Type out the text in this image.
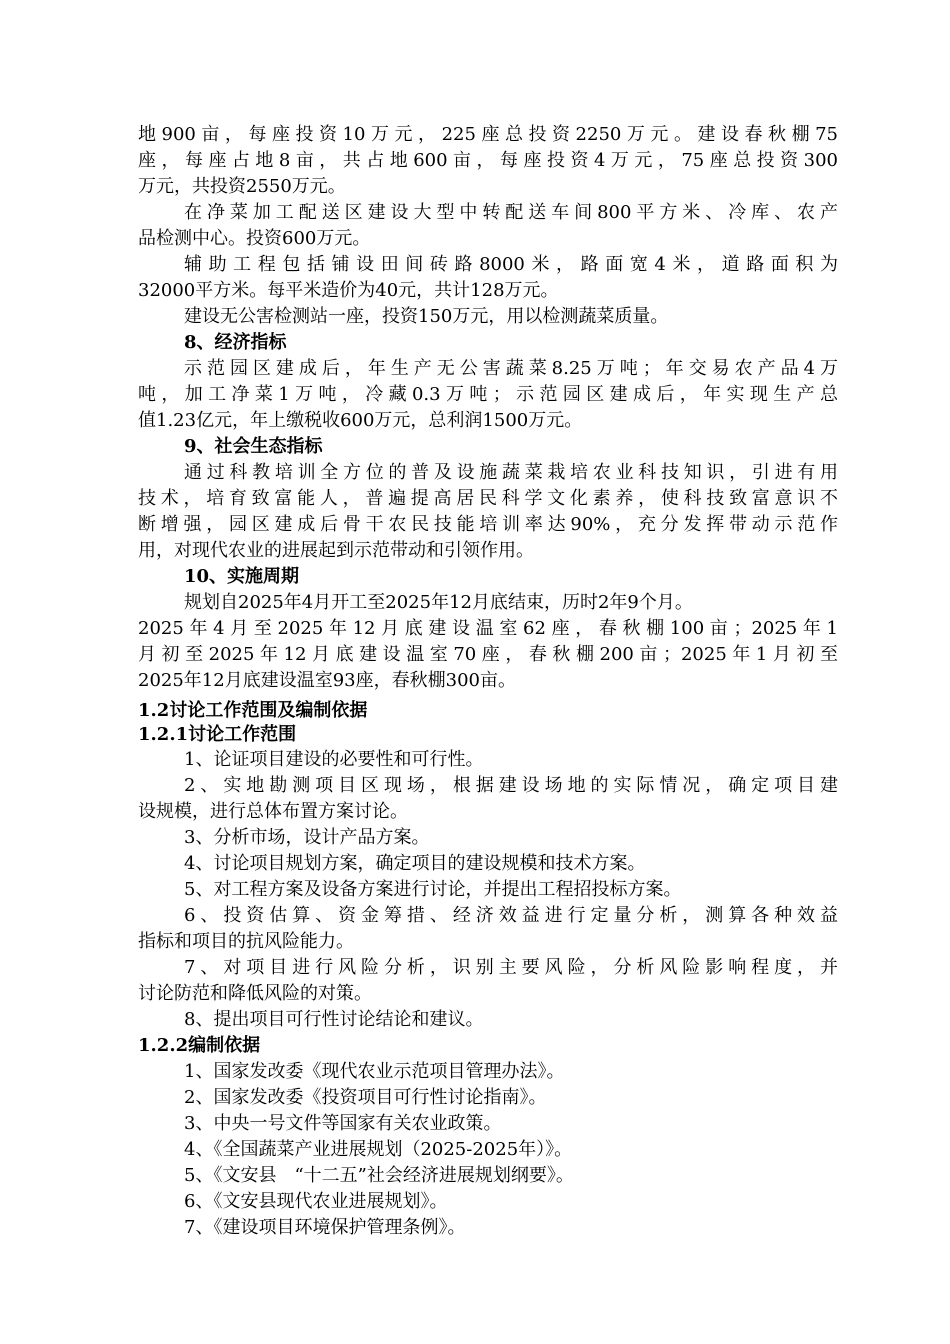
地900亩，每座投资10万元，225座总投资2250万元。建设春秋棚75
座，每座占地8亩，共占地600亩，每座投资4万元，75座总投资300
万元，共投资2550万元。
在净菜加工配送区建设大型中转配送车间800平方米、冷库、农产
品检测中心。投资600万元。
辅助工程包括铺设田间砖路8000米，路面宽4米，道路面积为
32000平方米。每平米造价为40元，共计128万元。
建设无公害检测站一座，投资150万元，用以检测蔬菜质量。
8、经济指标
示范园区建成后，年生产无公害蔬菜8.25万吨；年交易农产品4万
吨，加工净菜1万吨，冷藏0.3万吨；示范园区建成后，年实现生产总
值1.23亿元，年上缴税收600万元，总利润1500万元。
9、社会生态指标
通过科教培训全方位的普及设施蔬菜栽培农业科技知识，引进有用
技术，培育致富能人，普遍提高居民科学文化素养，使科技致富意识不
断增强，园区建成后骨干农民技能培训率达90%，充分发挥带动示范作
用，对现代农业的进展起到示范带动和引领作用。
10、实施周期
规划自2025年4月开工至2025年12月底结束，历时2年9个月。
2025年4月至2025年12月底建设温室62座，春秋棚100亩；2025年1
月初至2025年12月底建设温室70座，春秋棚200亩；2025年1月初至
2025年12月底建设温室93座，春秋棚300亩。
1.2讨论工作范围及编制依据
1.2.1讨论工作范围
1、论证项目建设的必要性和可行性。
2、实地勘测项目区现场，根据建设场地的实际情况，确定项目建
设规模，进行总体布置方案讨论。
3、分析市场，设计产品方案。
4、讨论项目规划方案，确定项目的建设规模和技术方案。
5、对工程方案及设备方案进行讨论，并提出工程招投标方案。
6、投资估算、资金筹措、经济效益进行定量分析，测算各种效益
指标和项目的抗风险能力。
7、对项目进行风险分析，识别主要风险，分析风险影响程度，并
讨论防范和降低风险的对策。
8、提出项目可行性讨论结论和建议。
1.2.2编制依据
1、国家发改委《现代农业示范项目管理办法》。
2、国家发改委《投资项目可行性讨论指南》。
3、中央一号文件等国家有关农业政策。
4、《全国蔬菜产业进展规划（2025-2025年）》。
5、《文安县　“十二五”社会经济进展规划纲要》。
6、《文安县现代农业进展规划》。
7、《建设项目环境保护管理条例》。
